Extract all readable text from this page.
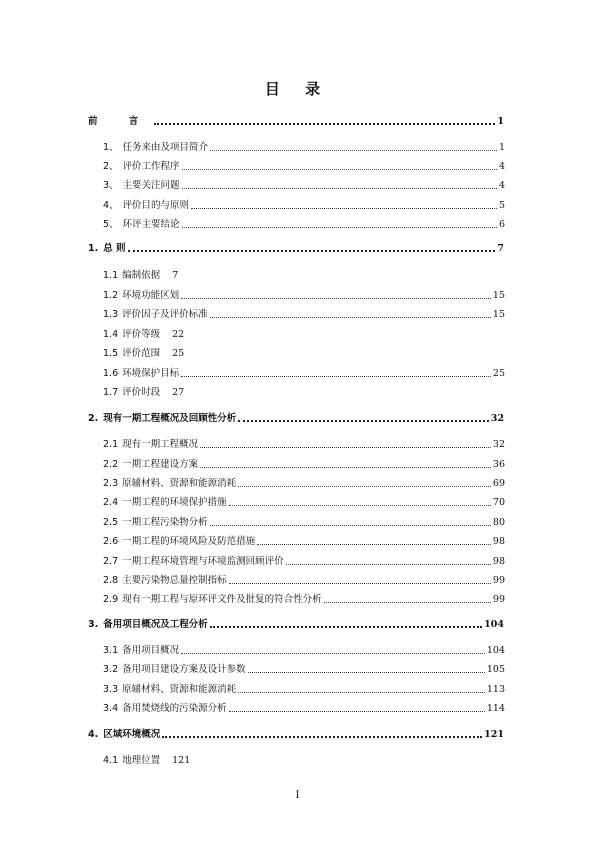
目 录
前 言	1
1、 任务来由及项目简介	1
2、 评价工作程序	4
3、 主要关注问题	4
4、 评价目的与原则	5
5、 环评主要结论	6
1. 总 则	7
1.1 编制依据 7
1.2 环境功能区划	15
1.3 评价因子及评价标准	15
1.4 评价等级 22
1.5 评价范围 25
1.6 环境保护目标	25
1.7 评价时段 27
2. 现有一期工程概况及回顾性分析	32
2.1 现有一期工程概况	32
2.2 一期工程建设方案	36
2.3 原辅材料、资源和能源消耗	69
2.4 一期工程的环境保护措施	70
2.5 一期工程污染物分析	80
2.6 一期工程的环境风险及防范措施	98
2.7 一期工程环境管理与环境监测回顾评价	98
2.8 主要污染物总量控制指标	99
2.9 现有一期工程与原环评文件及批复的符合性分析	99
3. 备用项目概况及工程分析	104
3.1 备用项目概况	104
3.2 备用项目建设方案及设计参数	105
3.3 原辅材料、资源和能源消耗	113
3.4 备用焚烧线的污染源分析	114
4. 区域环境概况	121
4.1 地理位置 121
I
